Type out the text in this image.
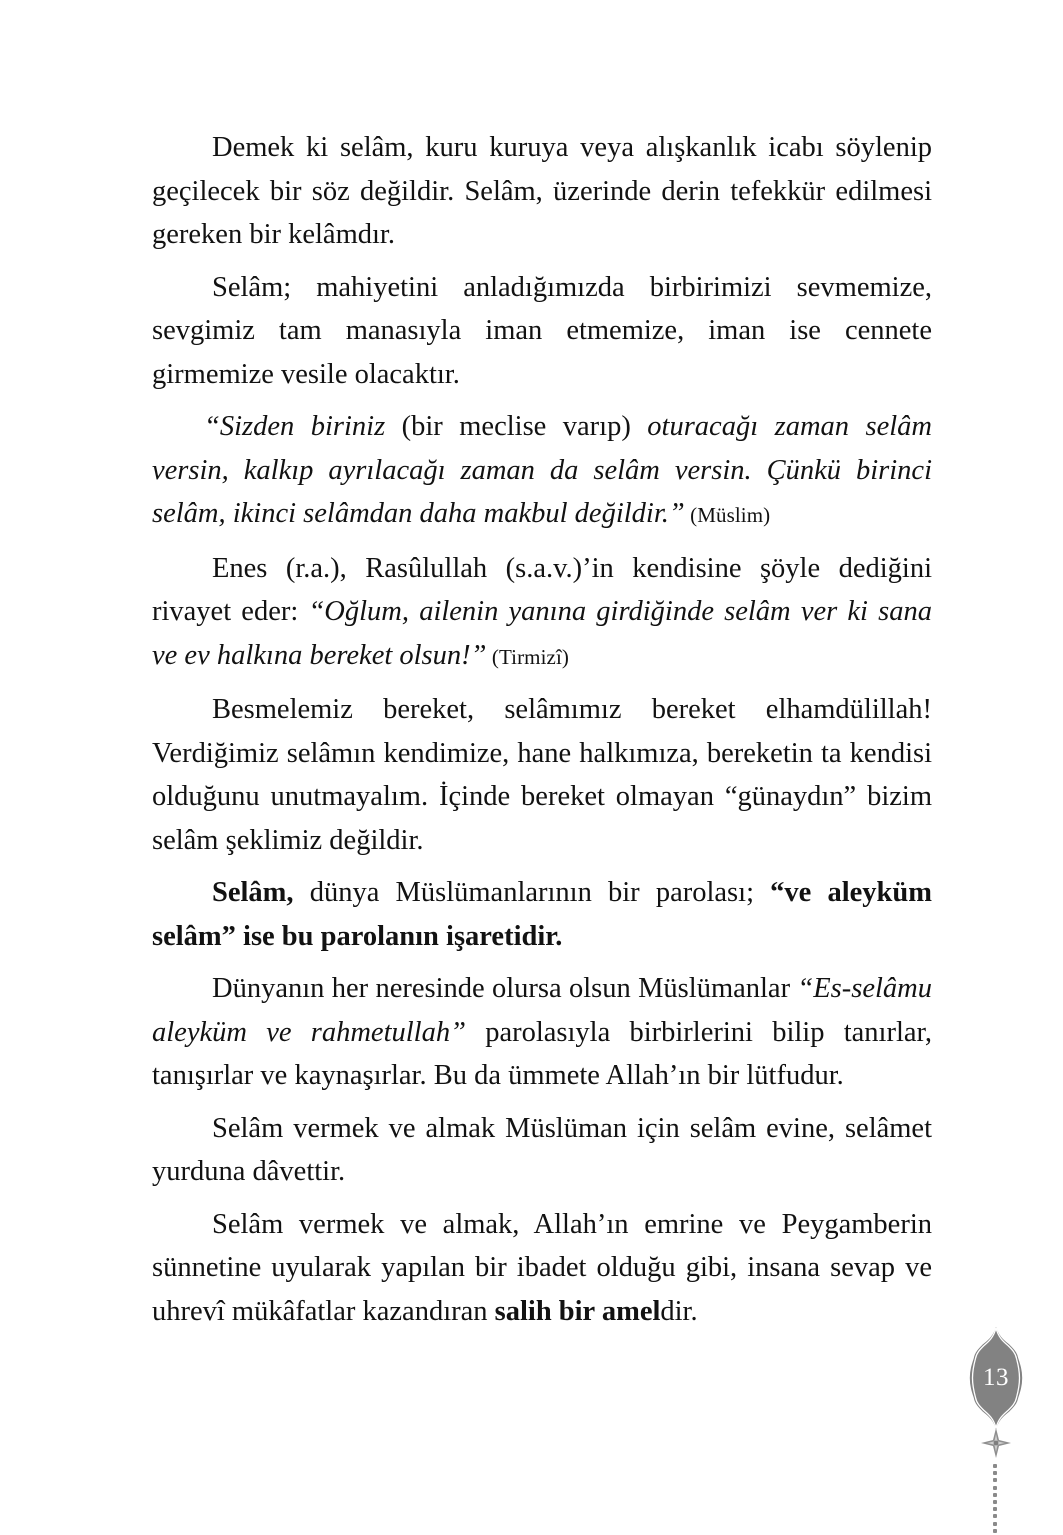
Demek ki selâm, kuru kuruya veya alışkanlık icabı söylenip geçilecek bir söz değildir. Selâm, üzerinde derin tefekkür edilmesi gereken bir kelâmdır.

Selâm; mahiyetini anladığımızda birbirimizi sevmemize, sevgimiz tam manasıyla iman etmemize, iman ise cennete girmemize vesile olacaktır.

“Sizden biriniz (bir meclise varıp) oturacağı zaman selâm versin, kalkıp ayrılacağı zaman da selâm versin. Çünkü birinci selâm, ikinci selâmdan daha makbul değildir.” (Müslim)

Enes (r.a.), Rasûlullah (s.a.v.)’in kendisine şöyle dediğini rivayet eder: “Oğlum, ailenin yanına girdiğinde selâm ver ki sana ve ev halkına bereket olsun!” (Tirmizî)

Besmelemiz bereket, selâmımız bereket elhamdülillah! Verdiğimiz selâmın kendimize, hane halkımıza, bereketin ta kendisi olduğunu unutmayalım. İçinde bereket olmayan “günaydın” bizim selâm şeklimiz değildir.

Selâm, dünya Müslümanlarının bir parolası; “ve aleyküm selâm” ise bu parolanın işaretidir.

Dünyanın her neresinde olursa olsun Müslümanlar “Es-selâmu aleyküm ve rahmetullah” parolasıyla birbirlerini bilip tanırlar, tanışırlar ve kaynaşırlar. Bu da ümmete Allah’ın bir lütfudur.

Selâm vermek ve almak Müslüman için selâm evine, selâmet yurduna dâvettir.

Selâm vermek ve almak, Allah’ın emrine ve Peygamberin sünnetine uyularak yapılan bir ibadet olduğu gibi, insana sevap ve uhrevî mükâfatlar kazandıran salih bir ameldir.

13
